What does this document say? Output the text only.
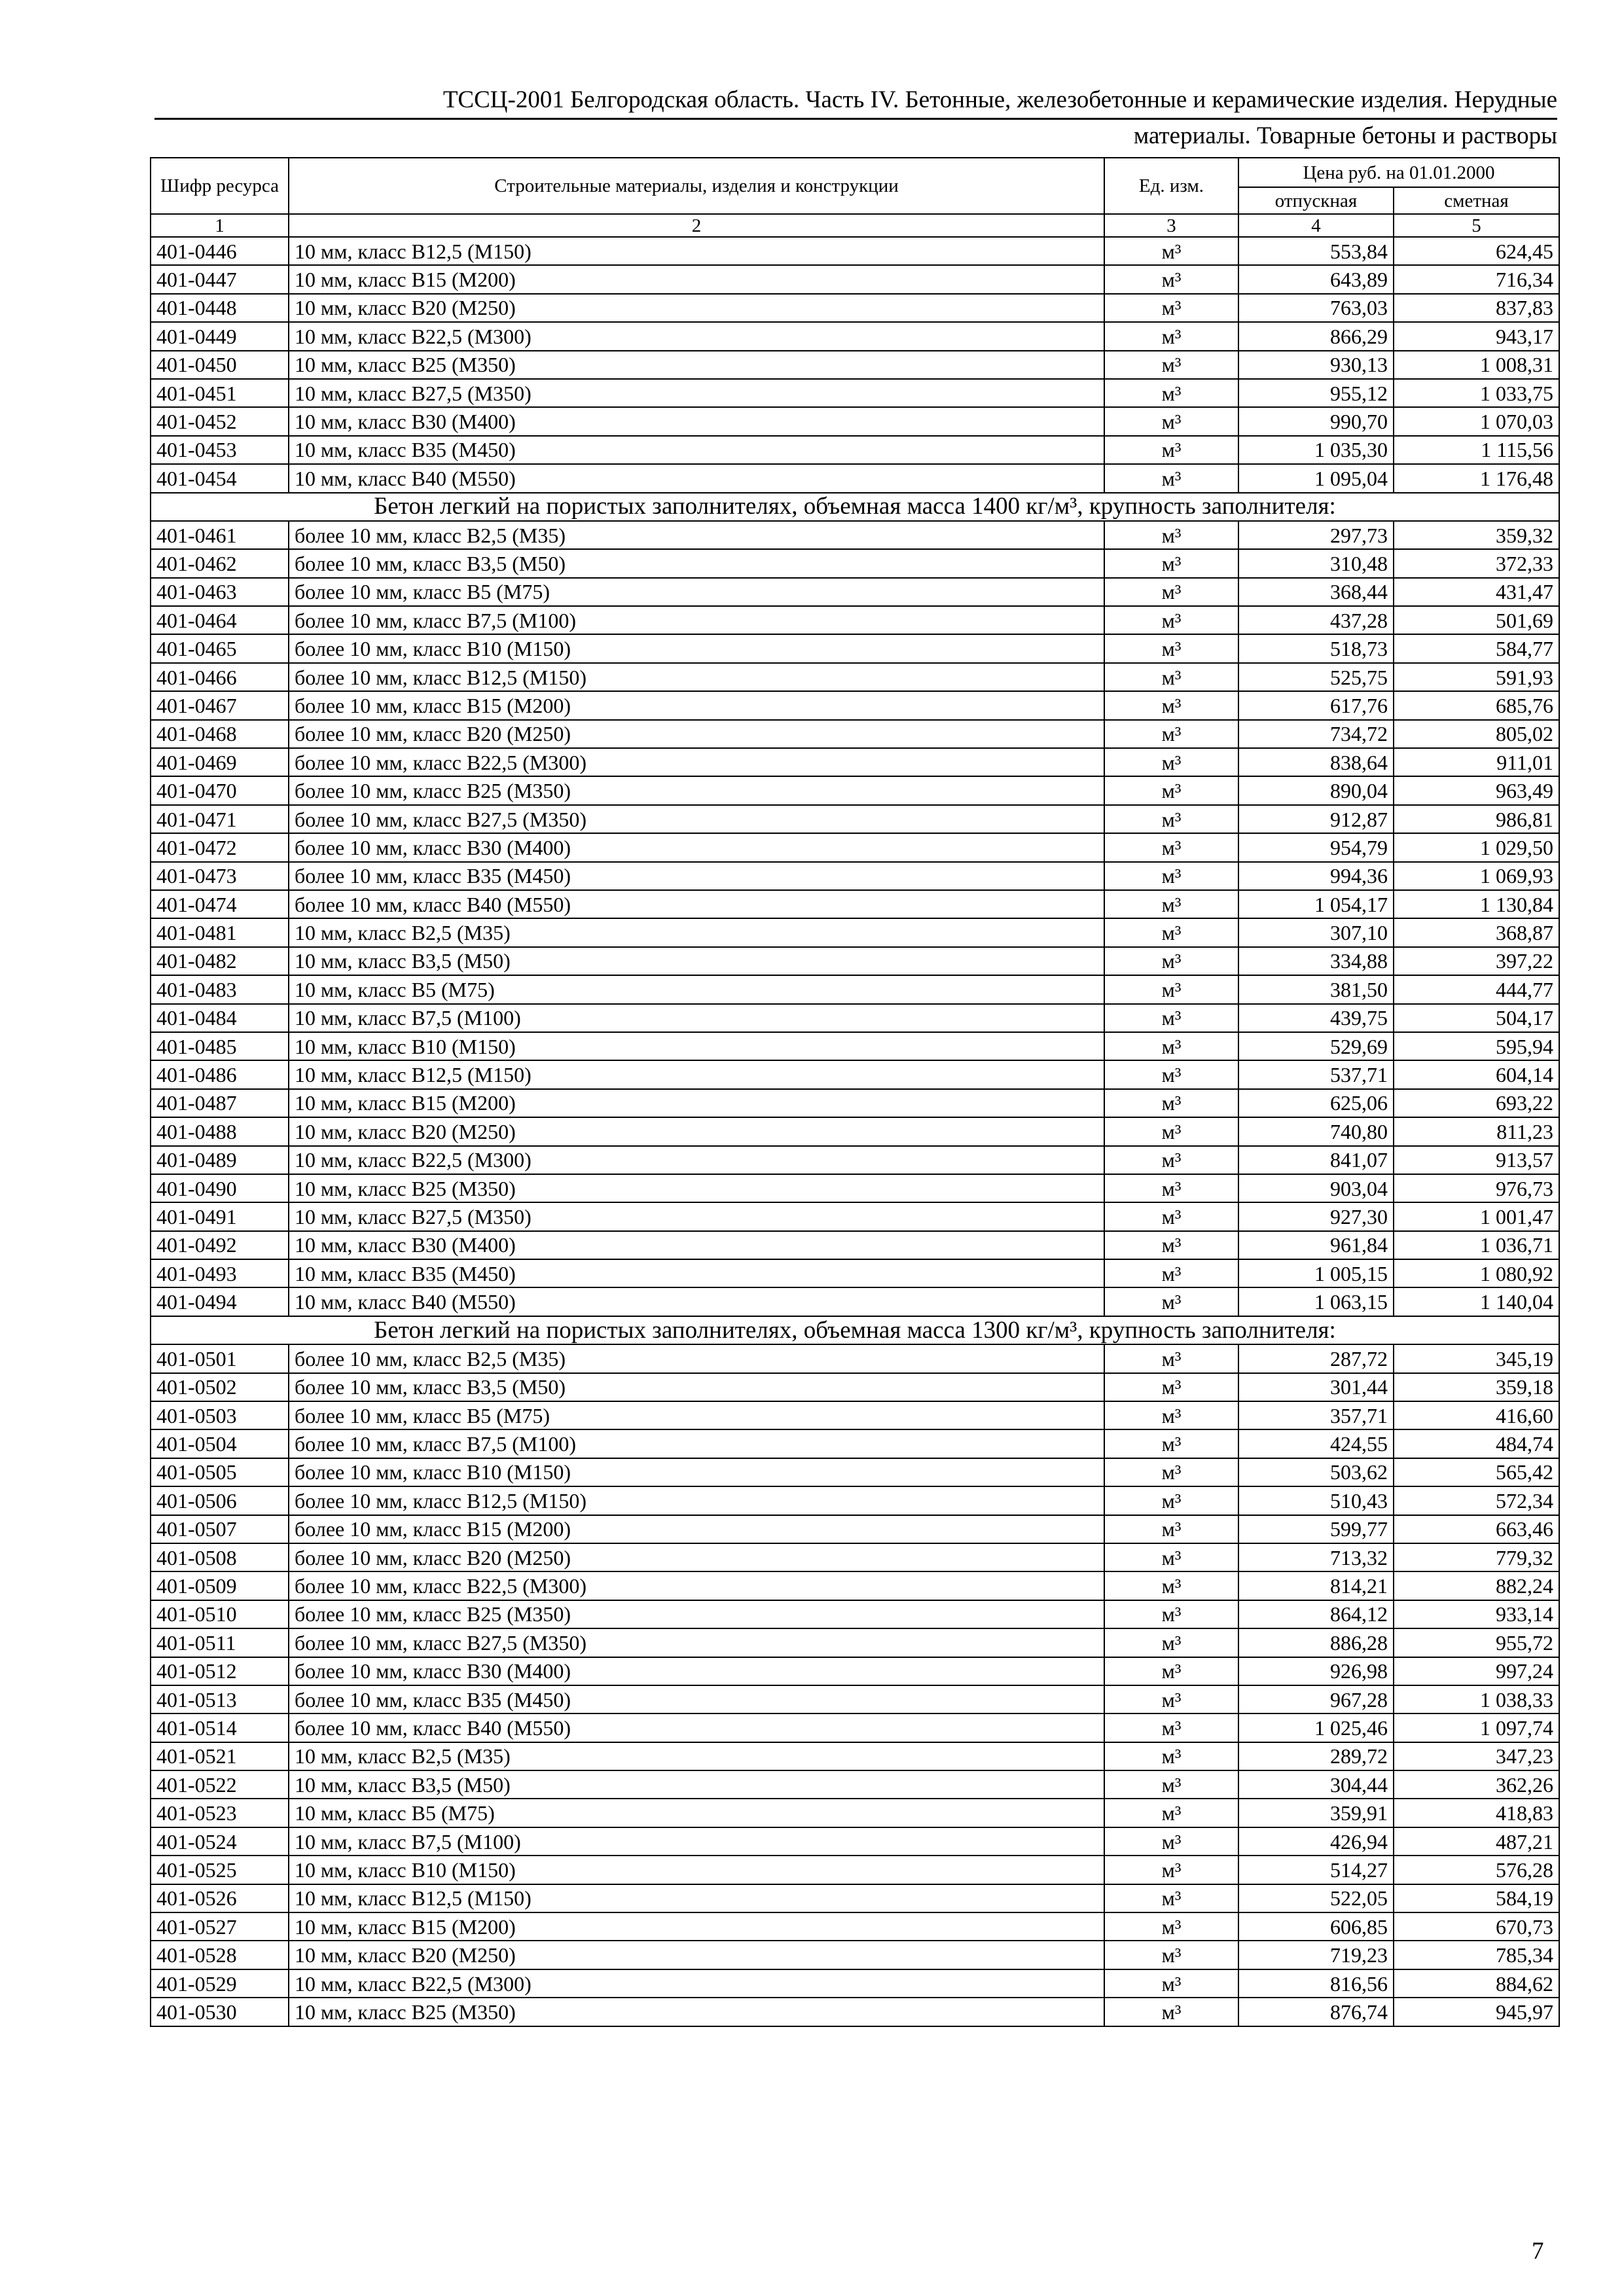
ТССЦ-2001 Белгородская область. Часть IV. Бетонные, железобетонные и керамические изделия. Нерудные
материалы. Товарные бетоны и растворы
Шифр ресурса	Строительные материалы, изделия и конструкции	Ед. изм.	Цена руб. на 01.01.2000	
			отпускная	сметная
1	2	3	4	5
401-0446	10 мм, класс В12,5 (М150)	м³	553,84	624,45
401-0447	10 мм, класс В15 (М200)	м³	643,89	716,34
401-0448	10 мм, класс В20 (М250)	м³	763,03	837,83
401-0449	10 мм, класс В22,5 (М300)	м³	866,29	943,17
401-0450	10 мм, класс В25 (М350)	м³	930,13	1 008,31
401-0451	10 мм, класс В27,5 (М350)	м³	955,12	1 033,75
401-0452	10 мм, класс В30 (М400)	м³	990,70	1 070,03
401-0453	10 мм, класс В35 (М450)	м³	1 035,30	1 115,56
401-0454	10 мм, класс В40 (М550)	м³	1 095,04	1 176,48
Бетон легкий на пористых заполнителях, объемная масса 1400 кг/м³, крупность заполнителя:				
401-0461	более 10 мм, класс В2,5 (М35)	м³	297,73	359,32
401-0462	более 10 мм, класс В3,5 (М50)	м³	310,48	372,33
401-0463	более 10 мм, класс В5 (М75)	м³	368,44	431,47
401-0464	более 10 мм, класс В7,5 (М100)	м³	437,28	501,69
401-0465	более 10 мм, класс В10 (М150)	м³	518,73	584,77
401-0466	более 10 мм, класс В12,5 (М150)	м³	525,75	591,93
401-0467	более 10 мм, класс В15 (М200)	м³	617,76	685,76
401-0468	более 10 мм, класс В20 (М250)	м³	734,72	805,02
401-0469	более 10 мм, класс В22,5 (М300)	м³	838,64	911,01
401-0470	более 10 мм, класс В25 (М350)	м³	890,04	963,49
401-0471	более 10 мм, класс В27,5 (М350)	м³	912,87	986,81
401-0472	более 10 мм, класс В30 (М400)	м³	954,79	1 029,50
401-0473	более 10 мм, класс В35 (М450)	м³	994,36	1 069,93
401-0474	более 10 мм, класс В40 (М550)	м³	1 054,17	1 130,84
401-0481	10 мм, класс В2,5 (М35)	м³	307,10	368,87
401-0482	10 мм, класс В3,5 (М50)	м³	334,88	397,22
401-0483	10 мм, класс В5 (М75)	м³	381,50	444,77
401-0484	10 мм, класс В7,5 (М100)	м³	439,75	504,17
401-0485	10 мм, класс В10 (М150)	м³	529,69	595,94
401-0486	10 мм, класс В12,5 (М150)	м³	537,71	604,14
401-0487	10 мм, класс В15 (М200)	м³	625,06	693,22
401-0488	10 мм, класс В20 (М250)	м³	740,80	811,23
401-0489	10 мм, класс В22,5 (М300)	м³	841,07	913,57
401-0490	10 мм, класс В25 (М350)	м³	903,04	976,73
401-0491	10 мм, класс В27,5 (М350)	м³	927,30	1 001,47
401-0492	10 мм, класс В30 (М400)	м³	961,84	1 036,71
401-0493	10 мм, класс В35 (М450)	м³	1 005,15	1 080,92
401-0494	10 мм, класс В40 (М550)	м³	1 063,15	1 140,04
Бетон легкий на пористых заполнителях, объемная масса 1300 кг/м³, крупность заполнителя:				
401-0501	более 10 мм, класс В2,5 (М35)	м³	287,72	345,19
401-0502	более 10 мм, класс В3,5 (М50)	м³	301,44	359,18
401-0503	более 10 мм, класс В5 (М75)	м³	357,71	416,60
401-0504	более 10 мм, класс В7,5 (М100)	м³	424,55	484,74
401-0505	более 10 мм, класс В10 (М150)	м³	503,62	565,42
401-0506	более 10 мм, класс В12,5 (М150)	м³	510,43	572,34
401-0507	более 10 мм, класс В15 (М200)	м³	599,77	663,46
401-0508	более 10 мм, класс В20 (М250)	м³	713,32	779,32
401-0509	более 10 мм, класс В22,5 (М300)	м³	814,21	882,24
401-0510	более 10 мм, класс В25 (М350)	м³	864,12	933,14
401-0511	более 10 мм, класс В27,5 (М350)	м³	886,28	955,72
401-0512	более 10 мм, класс В30 (М400)	м³	926,98	997,24
401-0513	более 10 мм, класс В35 (М450)	м³	967,28	1 038,33
401-0514	более 10 мм, класс В40 (М550)	м³	1 025,46	1 097,74
401-0521	10 мм, класс В2,5 (М35)	м³	289,72	347,23
401-0522	10 мм, класс В3,5 (М50)	м³	304,44	362,26
401-0523	10 мм, класс В5 (М75)	м³	359,91	418,83
401-0524	10 мм, класс В7,5 (М100)	м³	426,94	487,21
401-0525	10 мм, класс В10 (М150)	м³	514,27	576,28
401-0526	10 мм, класс В12,5 (М150)	м³	522,05	584,19
401-0527	10 мм, класс В15 (М200)	м³	606,85	670,73
401-0528	10 мм, класс В20 (М250)	м³	719,23	785,34
401-0529	10 мм, класс В22,5 (М300)	м³	816,56	884,62
401-0530	10 мм, класс В25 (М350)	м³	876,74	945,97
7
